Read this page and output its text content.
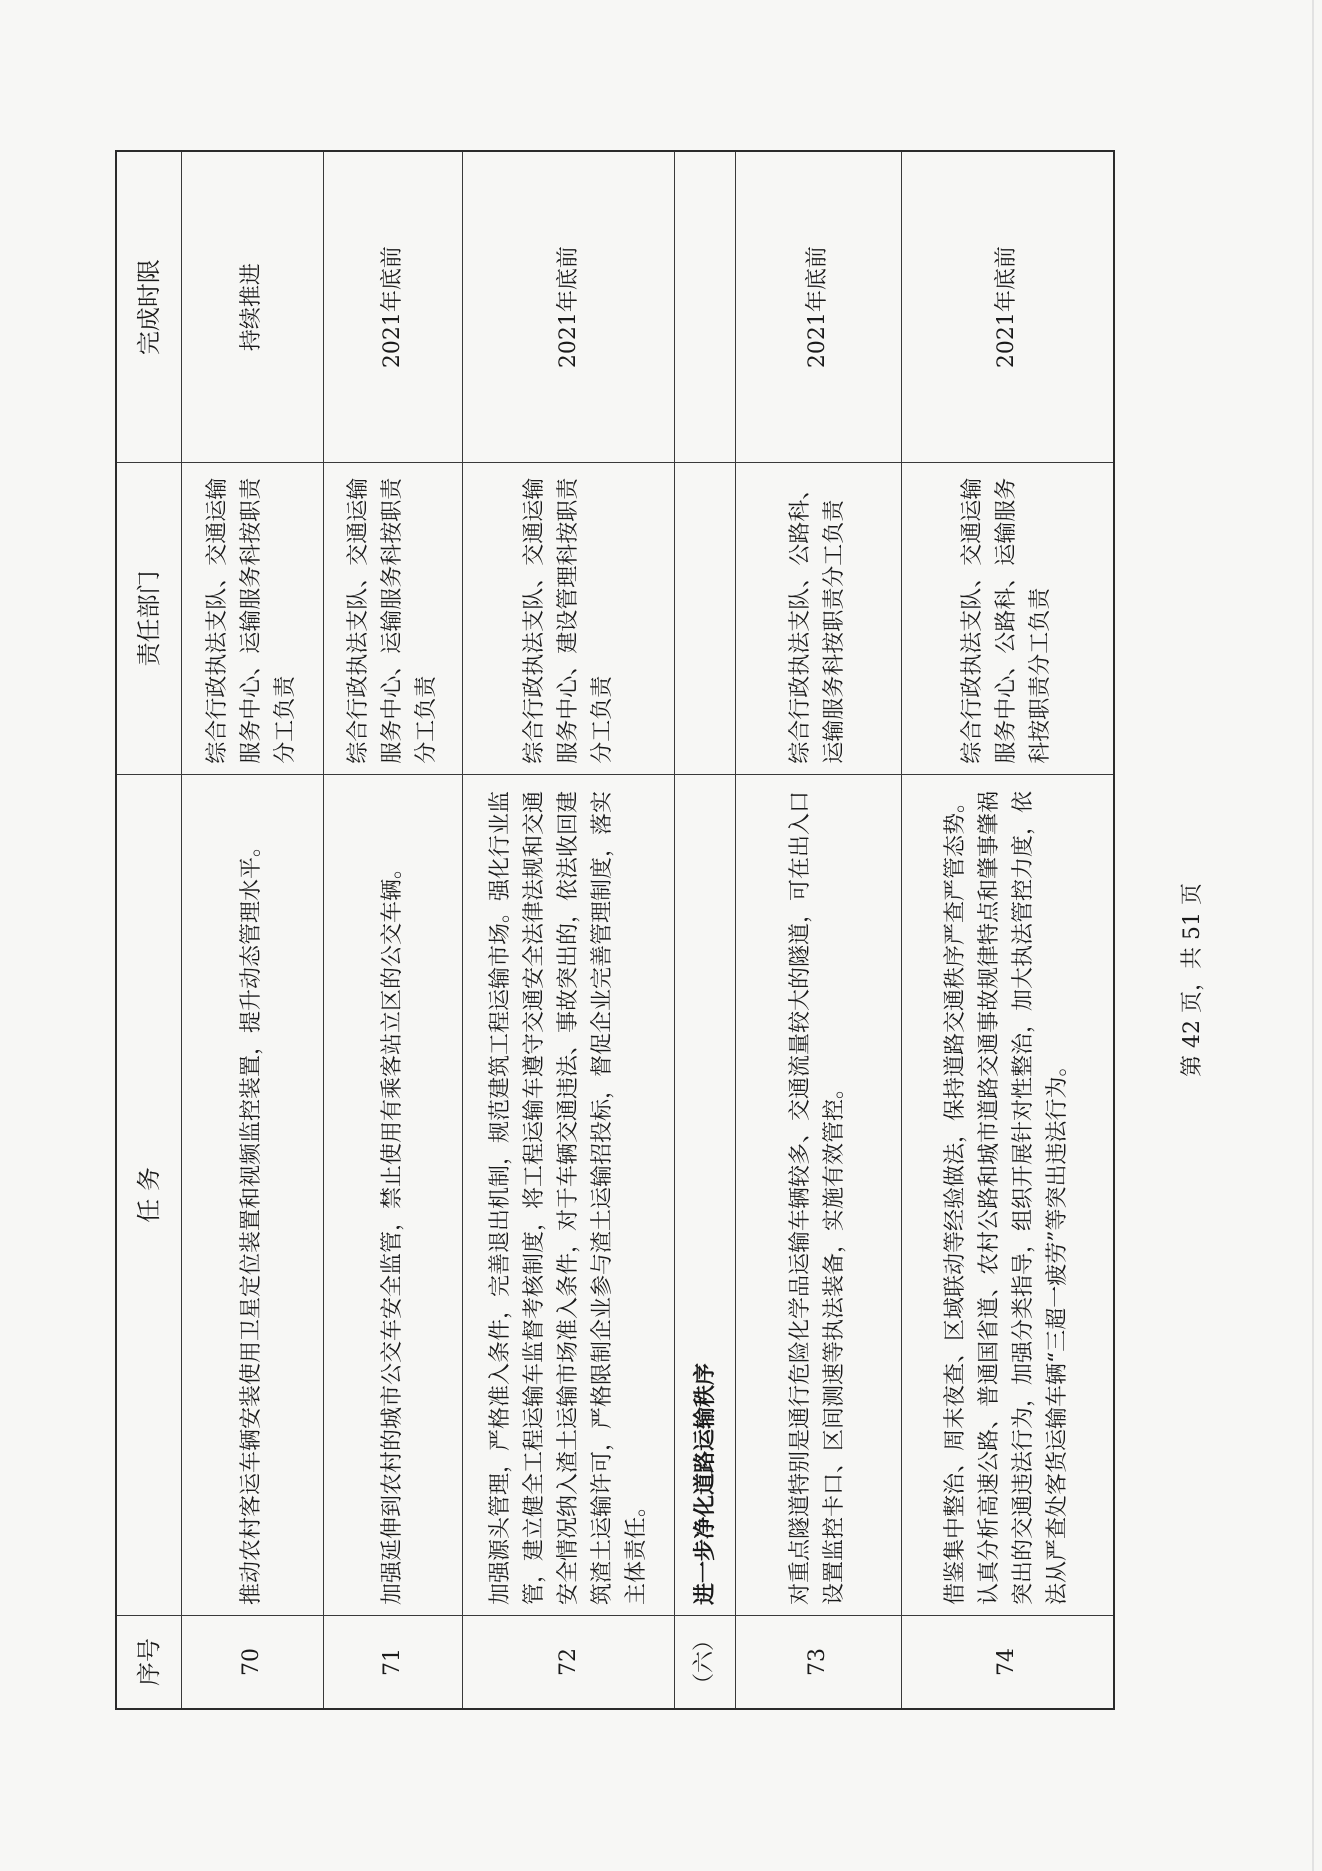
序号	任 务	责任部门	完成时限
70	推动农村客运车辆安装使用卫星定位装置和视频监控装置，提升动态管理水平。	综合行政执法支队、交通运输服务中心、运输服务科按职责分工负责	持续推进
71	加强延伸到农村的城市公交车安全监管，禁止使用有乘客站立区的公交车辆。	综合行政执法支队、交通运输服务中心、运输服务科按职责分工负责	2021年底前
72	加强源头管理，严格准入条件，完善退出机制，规范建筑工程运输市场。强化行业监管，建立健全工程运输车监督考核制度，将工程运输车遵守交通安全法律法规和交通安全情况纳入渣土运输市场准入条件，对于车辆交通违法、事故突出的，依法收回建筑渣土运输许可，严格限制企业参与渣土运输招投标，督促企业完善管理制度，落实主体责任。	综合行政执法支队、交通运输服务中心、建设管理科按职责分工负责	2021年底前
（六）	进一步净化道路运输秩序		
73	对重点隧道特别是通行危险化学品运输车辆较多、交通流量较大的隧道，可在出入口设置监控卡口、区间测速等执法装备，实施有效管控。	综合行政执法支队、公路科、运输服务科按职责分工负责	2021年底前
74	借鉴集中整治、周末夜查、区域联动等经验做法，保持道路交通秩序严查严管态势。认真分析高速公路、普通国省道、农村公路和城市道路交通事故规律特点和肇事肇祸突出的交通违法行为，加强分类指导，组织开展针对性整治，加大执法管控力度，依法从严查处客货运输车辆“三超一疲劳”等突出违法行为。	综合行政执法支队、交通运输服务中心、公路科、运输服务科按职责分工负责	2021年底前
第 42 页，共 51 页
